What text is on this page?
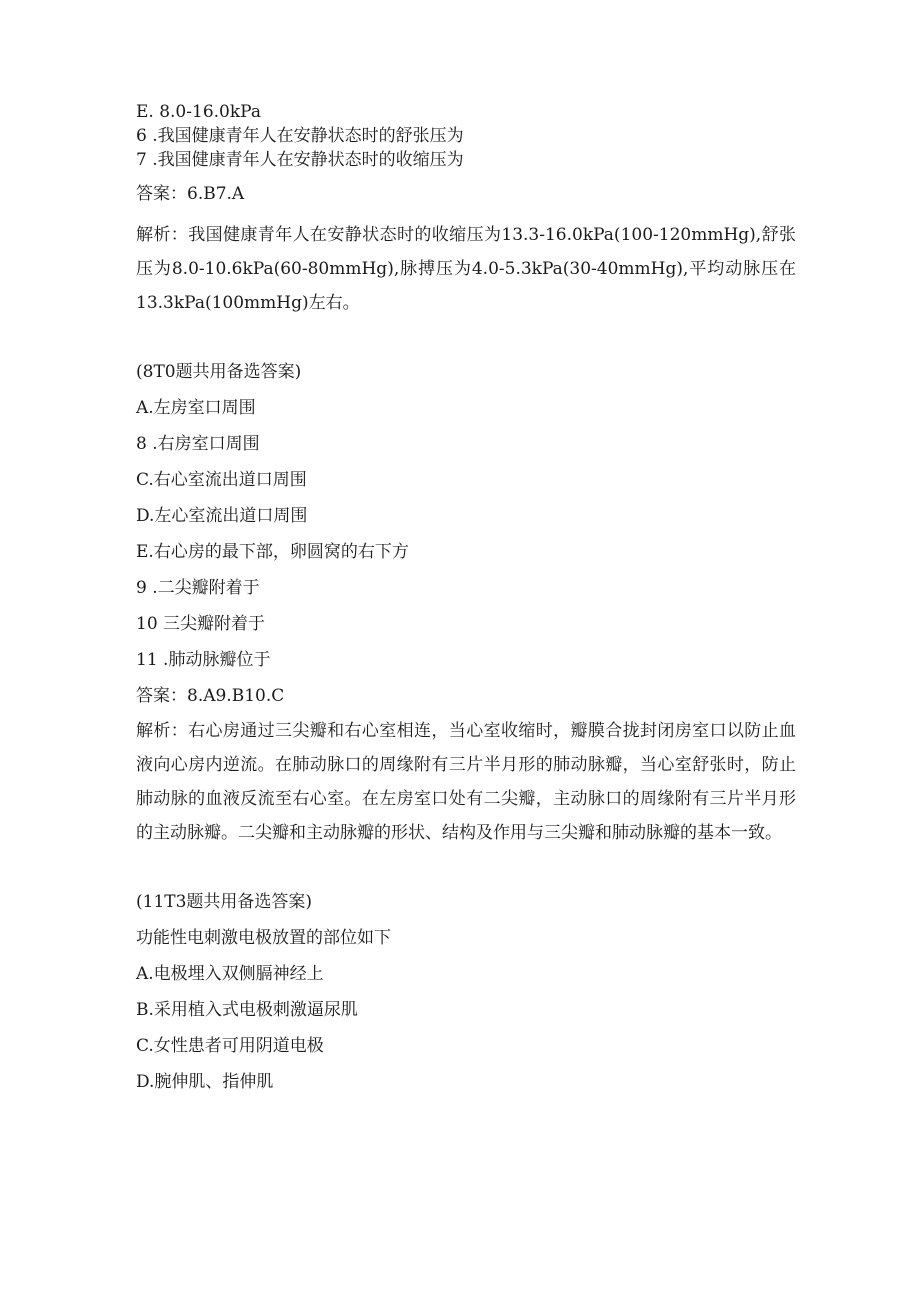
E. 8.0-16.0kPa

6 .我国健康青年人在安静状态时的舒张压为

7 .我国健康青年人在安静状态时的收缩压为

答案：6.B7.A

解析：我国健康青年人在安静状态时的收缩压为13.3-16.0kPa(100-120mmHg),舒张压为8.0-10.6kPa(60-80mmHg),脉搏压为4.0-5.3kPa(30-40mmHg),平均动脉压在13.3kPa(100mmHg)左右。

(8T0题共用备选答案)

A.左房室口周围

8 .右房室口周围

C.右心室流出道口周围

D.左心室流出道口周围

E.右心房的最下部，卵圆窝的右下方

9 .二尖瓣附着于

10 三尖瓣附着于

11 .肺动脉瓣位于

答案：8.A9.B10.C

解析：右心房通过三尖瓣和右心室相连，当心室收缩时，瓣膜合拢封闭房室口以防止血液向心房内逆流。在肺动脉口的周缘附有三片半月形的肺动脉瓣，当心室舒张时，防止肺动脉的血液反流至右心室。在左房室口处有二尖瓣，主动脉口的周缘附有三片半月形的主动脉瓣。二尖瓣和主动脉瓣的形状、结构及作用与三尖瓣和肺动脉瓣的基本一致。

(11T3题共用备选答案)

功能性电刺激电极放置的部位如下

A.电极埋入双侧膈神经上

B.采用植入式电极刺激逼尿肌

C.女性患者可用阴道电极

D.腕伸肌、指伸肌
